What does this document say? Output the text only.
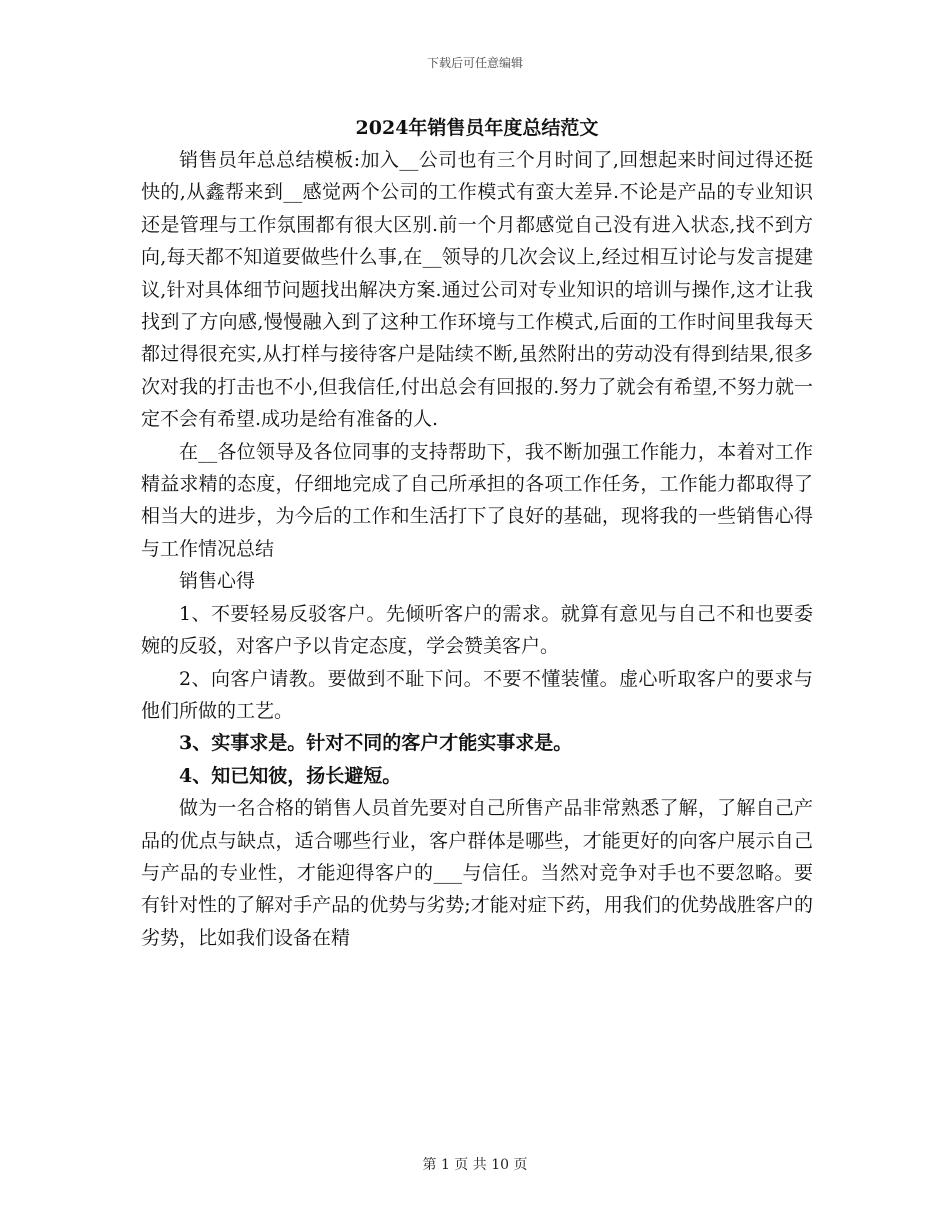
下载后可任意编辑
2024年销售员年度总结范文

销售员年总总结模板:加入__公司也有三个月时间了,回想起来时间过得还挺快的,从鑫帮来到__感觉两个公司的工作模式有蛮大差异.不论是产品的专业知识还是管理与工作氛围都有很大区别.前一个月都感觉自己没有进入状态,找不到方向,每天都不知道要做些什么事,在__领导的几次会议上,经过相互讨论与发言提建议,针对具体细节问题找出解决方案.通过公司对专业知识的培训与操作,这才让我找到了方向感,慢慢融入到了这种工作环境与工作模式,后面的工作时间里我每天都过得很充实,从打样与接待客户是陆续不断,虽然附出的劳动没有得到结果,很多次对我的打击也不小,但我信任,付出总会有回报的.努力了就会有希望,不努力就一定不会有希望.成功是给有准备的人.

在__各位领导及各位同事的支持帮助下，我不断加强工作能力，本着对工作精益求精的态度，仔细地完成了自己所承担的各项工作任务，工作能力都取得了相当大的进步，为今后的工作和生活打下了良好的基础，现将我的一些销售心得与工作情况总结

销售心得

1、不要轻易反驳客户。先倾听客户的需求。就算有意见与自己不和也要委婉的反驳，对客户予以肯定态度，学会赞美客户。

2、向客户请教。要做到不耻下问。不要不懂装懂。虚心听取客户的要求与他们所做的工艺。

3、实事求是。针对不同的客户才能实事求是。

4、知已知彼，扬长避短。

做为一名合格的销售人员首先要对自己所售产品非常熟悉了解，了解自己产品的优点与缺点，适合哪些行业，客户群体是哪些，才能更好的向客户展示自己与产品的专业性，才能迎得客户的___与信任。当然对竞争对手也不要忽略。要有针对性的了解对手产品的优势与劣势;才能对症下药，用我们的优势战胜客户的劣势，比如我们设备在精

第 1 页 共 10 页
